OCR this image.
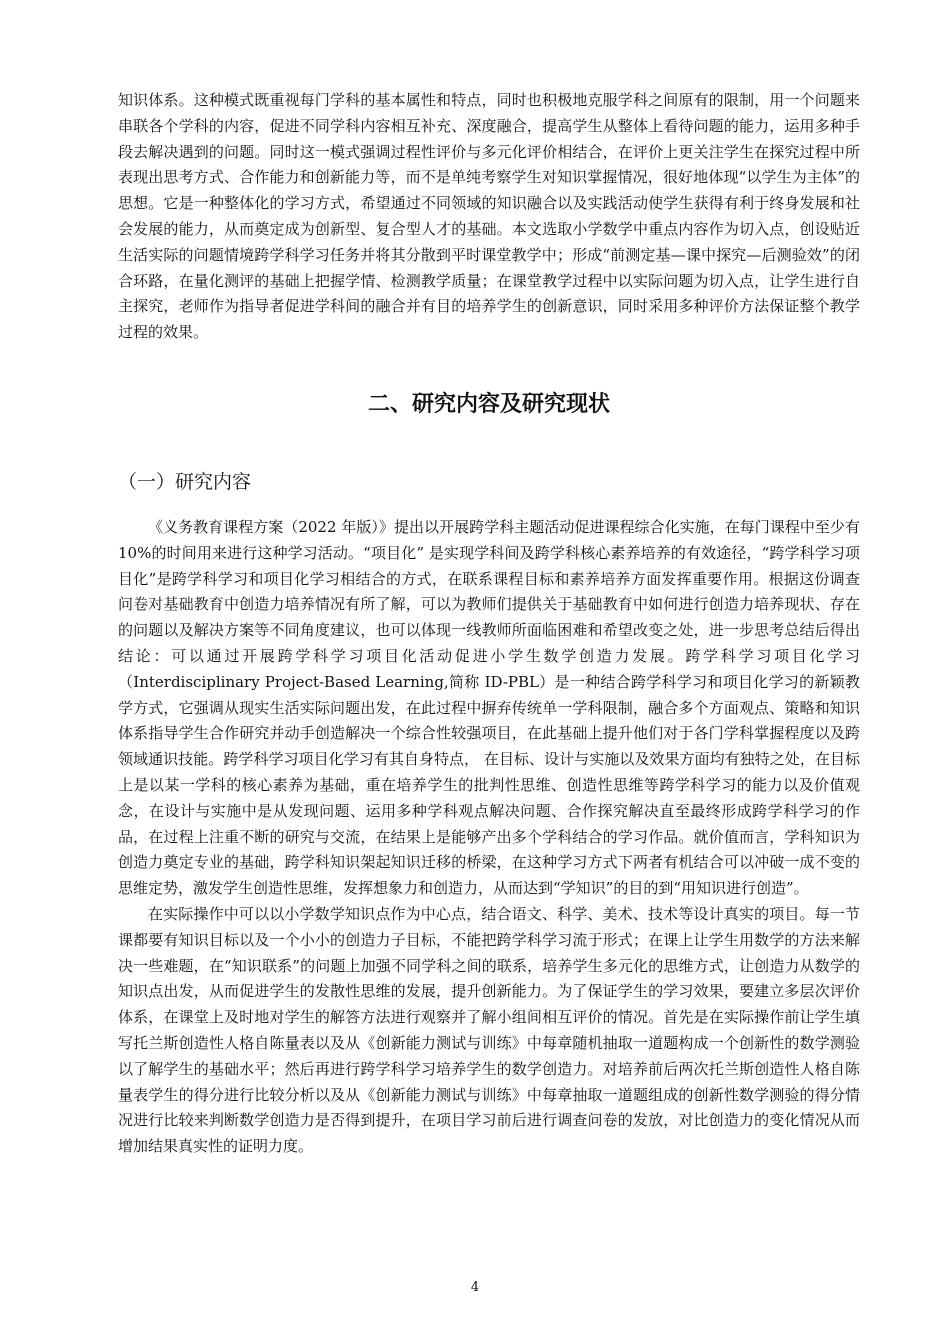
知识体系。这种模式既重视每门学科的基本属性和特点，同时也积极地克服学科之间原有的限制，用一个问题来串联各个学科的内容，促进不同学科内容相互补充、深度融合，提高学生从整体上看待问题的能力，运用多种手段去解决遇到的问题。同时这一模式强调过程性评价与多元化评价相结合，在评价上更关注学生在探究过程中所表现出思考方式、合作能力和创新能力等，而不是单纯考察学生对知识掌握情况，很好地体现“以学生为主体”的思想。它是一种整体化的学习方式，希望通过不同领域的知识融合以及实践活动使学生获得有利于终身发展和社会发展的能力，从而奠定成为创新型、复合型人才的基础。本文选取小学数学中重点内容作为切入点，创设贴近生活实际的问题情境跨学科学习任务并将其分散到平时课堂教学中；形成“前测定基—课中探究—后测验效”的闭合环路，在量化测评的基础上把握学情、检测教学质量；在课堂教学过程中以实际问题为切入点，让学生进行自主探究，老师作为指导者促进学科间的融合并有目的培养学生的创新意识，同时采用多种评价方法保证整个教学过程的效果。

二、研究内容及研究现状
（一）研究内容

《义务教育课程方案（2022 年版）》提出以开展跨学科主题活动促进课程综合化实施，在每门课程中至少有 10%的时间用来进行这种学习活动。“项目化” 是实现学科间及跨学科核心素养培养的有效途径，“跨学科学习项目化”是跨学科学习和项目化学习相结合的方式，在联系课程目标和素养培养方面发挥重要作用。根据这份调查问卷对基础教育中创造力培养情况有所了解，可以为教师们提供关于基础教育中如何进行创造力培养现状、存在的问题以及解决方案等不同角度建议，也可以体现一线教师所面临困难和希望改变之处，进一步思考总结后得出结论：可以通过开展跨学科学习项目化活动促进小学生数学创造力发展。跨学科学习项目化学习（Interdisciplinary Project-Based Learning,简称 ID-PBL）是一种结合跨学科学习和项目化学习的新颖教学方式，它强调从现实生活实际问题出发，在此过程中摒弃传统单一学科限制，融合多个方面观点、策略和知识体系指导学生合作研究并动手创造解决一个综合性较强项目，在此基础上提升他们对于各门学科掌握程度以及跨领域通识技能。跨学科学习项目化学习有其自身特点， 在目标、设计与实施以及效果方面均有独特之处，在目标上是以某一学科的核心素养为基础，重在培养学生的批判性思维、创造性思维等跨学科学习的能力以及价值观念，在设计与实施中是从发现问题、运用多种学科观点解决问题、合作探究解决直至最终形成跨学科学习的作品，在过程上注重不断的研究与交流，在结果上是能够产出多个学科结合的学习作品。就价值而言，学科知识为创造力奠定专业的基础，跨学科知识架起知识迁移的桥梁，在这种学习方式下两者有机结合可以冲破一成不变的思维定势，激发学生创造性思维，发挥想象力和创造力，从而达到“学知识”的目的到“用知识进行创造”。

在实际操作中可以以小学数学知识点作为中心点，结合语文、科学、美术、技术等设计真实的项目。每一节课都要有知识目标以及一个小小的创造力子目标，不能把跨学科学习流于形式；在课上让学生用数学的方法来解决一些难题，在“知识联系”的问题上加强不同学科之间的联系，培养学生多元化的思维方式，让创造力从数学的知识点出发，从而促进学生的发散性思维的发展，提升创新能力。为了保证学生的学习效果，要建立多层次评价体系，在课堂上及时地对学生的解答方法进行观察并了解小组间相互评价的情况。首先是在实际操作前让学生填写托兰斯创造性人格自陈量表以及从《创新能力测试与训练》中每章随机抽取一道题构成一个创新性的数学测验以了解学生的基础水平；然后再进行跨学科学习培养学生的数学创造力。对培养前后两次托兰斯创造性人格自陈量表学生的得分进行比较分析以及从《创新能力测试与训练》中每章抽取一道题组成的创新性数学测验的得分情况进行比较来判断数学创造力是否得到提升，在项目学习前后进行调查问卷的发放，对比创造力的变化情况从而增加结果真实性的证明力度。

4
